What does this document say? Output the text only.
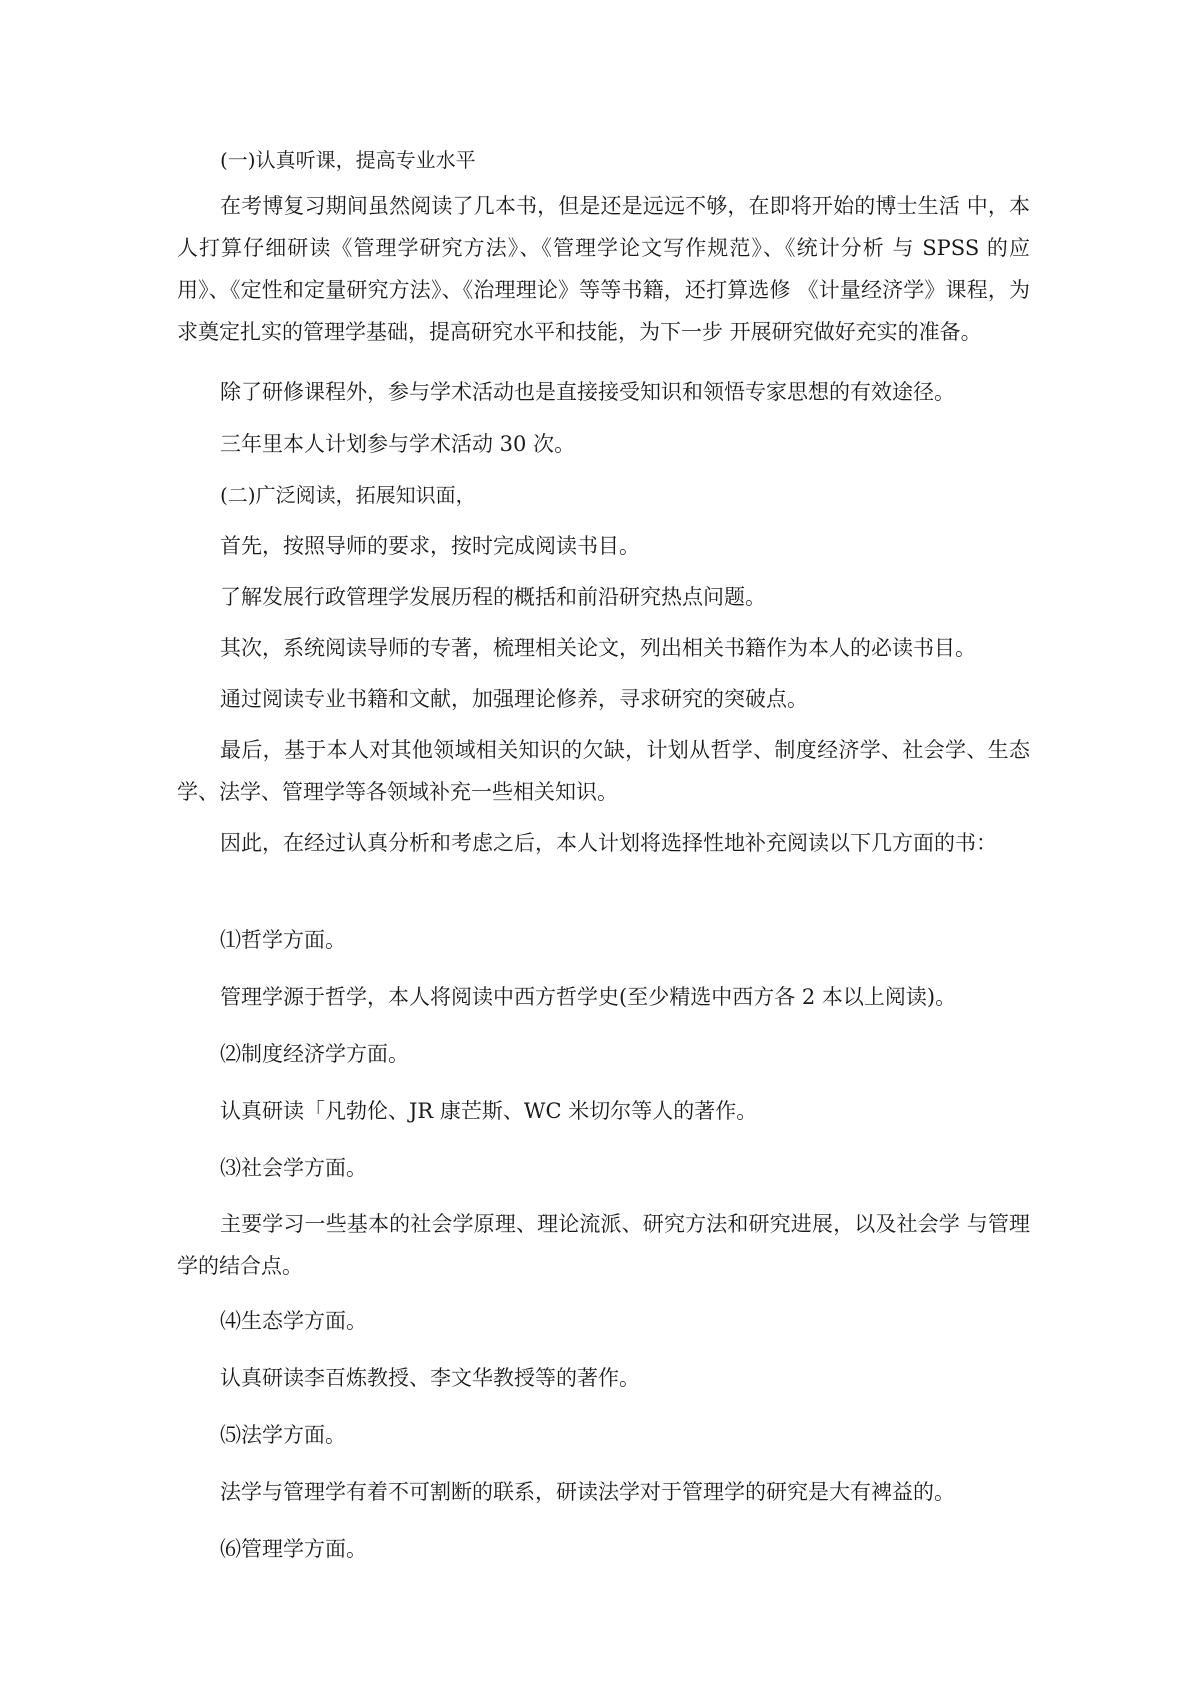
(一)认真听课，提高专业水平

在考博复习期间虽然阅读了几本书，但是还是远远不够，在即将开始的博士生活 中，本人打算仔细研读《管理学研究方法》、《管理学论文写作规范》、《统计分析 与 SPSS 的应用》、《定性和定量研究方法》、《治理理论》等等书籍，还打算选修 《计量经济学》课程，为求奠定扎实的管理学基础，提高研究水平和技能，为下一步 开展研究做好充实的准备。

除了研修课程外，参与学术活动也是直接接受知识和领悟专家思想的有效途径。

三年里本人计划参与学术活动 30 次。

(二)广泛阅读，拓展知识面，

首先，按照导师的要求，按时完成阅读书目。

了解发展行政管理学发展历程的概括和前沿研究热点问题。

其次，系统阅读导师的专著，梳理相关论文，列出相关书籍作为本人的必读书目。

通过阅读专业书籍和文献，加强理论修养，寻求研究的突破点。

最后，基于本人对其他领域相关知识的欠缺，计划从哲学、制度经济学、社会学、生态学、法学、管理学等各领域补充一些相关知识。
因此，在经过认真分析和考虑之后，本人计划将选择性地补充阅读以下几方面的书：

⑴哲学方面。

管理学源于哲学，本人将阅读中西方哲学史(至少精选中西方各 2 本以上阅读)。

⑵制度经济学方面。

认真研读「凡勃伦、JR 康芒斯、WC 米切尔等人的著作。

⑶社会学方面。

主要学习一些基本的社会学原理、理论流派、研究方法和研究进展，以及社会学 与管理学的结合点。

⑷生态学方面。

认真研读李百炼教授、李文华教授等的著作。

⑸法学方面。

法学与管理学有着不可割断的联系，研读法学对于管理学的研究是大有裨益的。

⑹管理学方面。
